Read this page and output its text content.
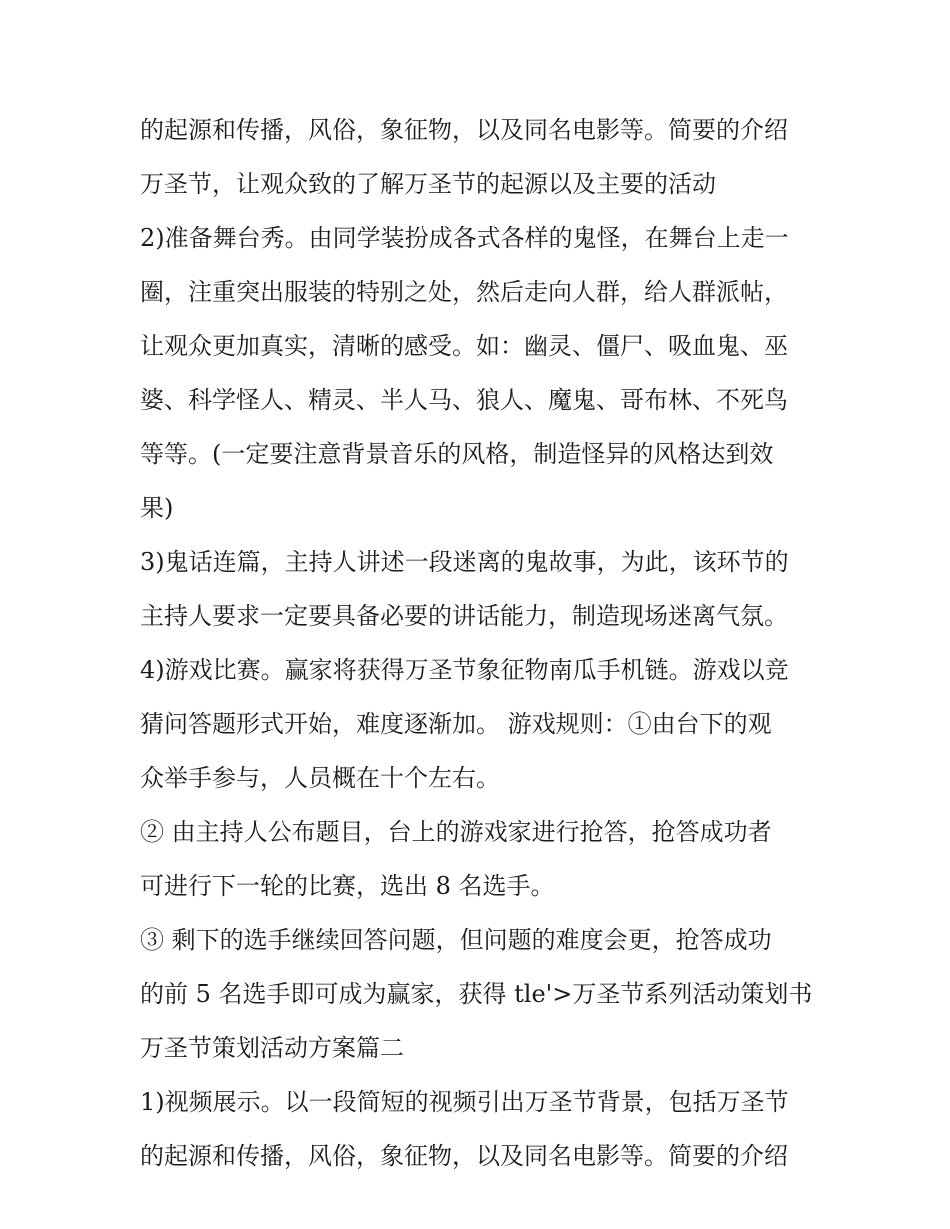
的起源和传播，风俗，象征物，以及同名电影等。简要的介绍
万圣节，让观众致的了解万圣节的起源以及主要的活动
2)准备舞台秀。由同学装扮成各式各样的鬼怪，在舞台上走一
圈，注重突出服装的特别之处，然后走向人群，给人群派帖，
让观众更加真实，清晰的感受。如：幽灵、僵尸、吸血鬼、巫
婆、科学怪人、精灵、半人马、狼人、魔鬼、哥布林、不死鸟
等等。(一定要注意背景音乐的风格，制造怪异的风格达到效
果)
3)鬼话连篇，主持人讲述一段迷离的鬼故事，为此，该环节的
主持人要求一定要具备必要的讲话能力，制造现场迷离气氛。
4)游戏比赛。赢家将获得万圣节象征物南瓜手机链。游戏以竞
猜问答题形式开始，难度逐渐加。 游戏规则：①由台下的观
众举手参与，人员概在十个左右。
② 由主持人公布题目，台上的游戏家进行抢答，抢答成功者
可进行下一轮的比赛，选出 8 名选手。
③ 剩下的选手继续回答问题，但问题的难度会更，抢答成功
的前 5 名选手即可成为赢家，获得 tle'>万圣节系列活动策划书
万圣节策划活动方案篇二
1)视频展示。以一段简短的视频引出万圣节背景，包括万圣节
的起源和传播，风俗，象征物，以及同名电影等。简要的介绍
